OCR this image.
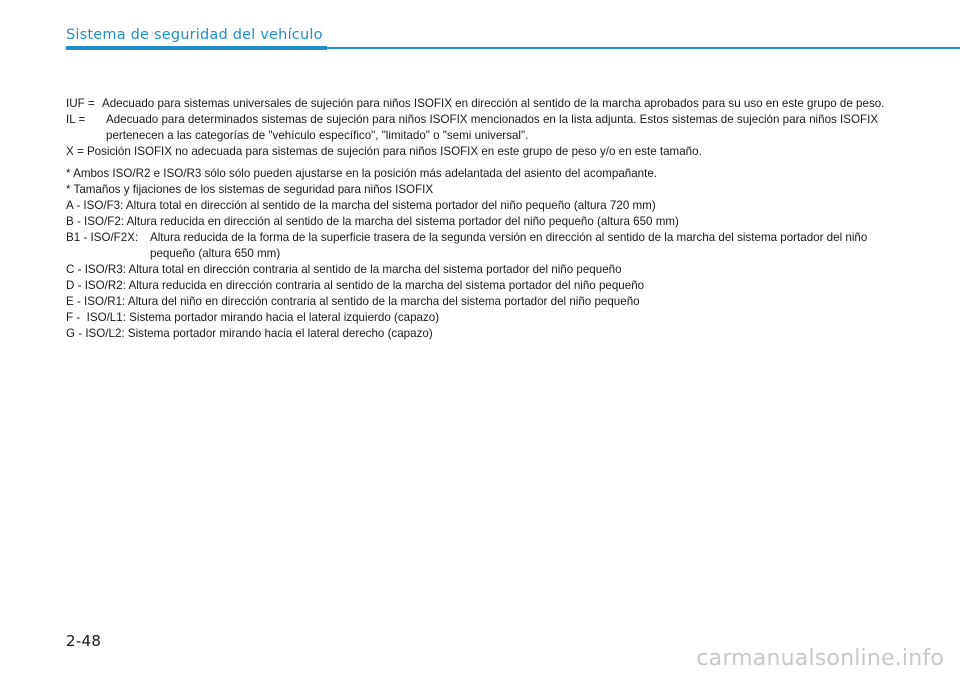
Sistema de seguridad del vehículo
IUF = Adecuado para sistemas universales de sujeción para niños ISOFIX en dirección al sentido de la marcha aprobados para su uso en este grupo de peso.
IL =	Adecuado para determinados sistemas de sujeción para niños ISOFIX mencionados en la lista adjunta. Estos sistemas de sujeción para niños ISOFIX pertenecen a las categorías de "vehículo específico", "limitado" o "semi universal".
X = Posición ISOFIX no adecuada para sistemas de sujeción para niños ISOFIX en este grupo de peso y/o en este tamaño.

* Ambos ISO/R2 e ISO/R3 sólo sólo pueden ajustarse en la posición más adelantada del asiento del acompañante.

* Tamaños y fijaciones de los sistemas de seguridad para niños ISOFIX

A - ISO/F3: Altura total en dirección al sentido de la marcha del sistema portador del niño pequeño (altura 720 mm)
B - ISO/F2: Altura reducida en dirección al sentido de la marcha del sistema portador del niño pequeño (altura 650 mm)
B1 - ISO/F2X: Altura reducida de la forma de la superficie trasera de la segunda versión en dirección al sentido de la marcha del sistema portador del niño pequeño (altura 650 mm)
C - ISO/R3: Altura total en dirección contraria al sentido de la marcha del sistema portador del niño pequeño
D - ISO/R2: Altura reducida en dirección contraria al sentido de la marcha del sistema portador del niño pequeño
E - ISO/R1: Altura del niño en dirección contraria al sentido de la marcha del sistema portador del niño pequeño
F - ISO/L1: Sistema portador mirando hacia el lateral izquierdo (capazo)
G - ISO/L2: Sistema portador mirando hacia el lateral derecho (capazo)
2-48
carmanualsonline.info
